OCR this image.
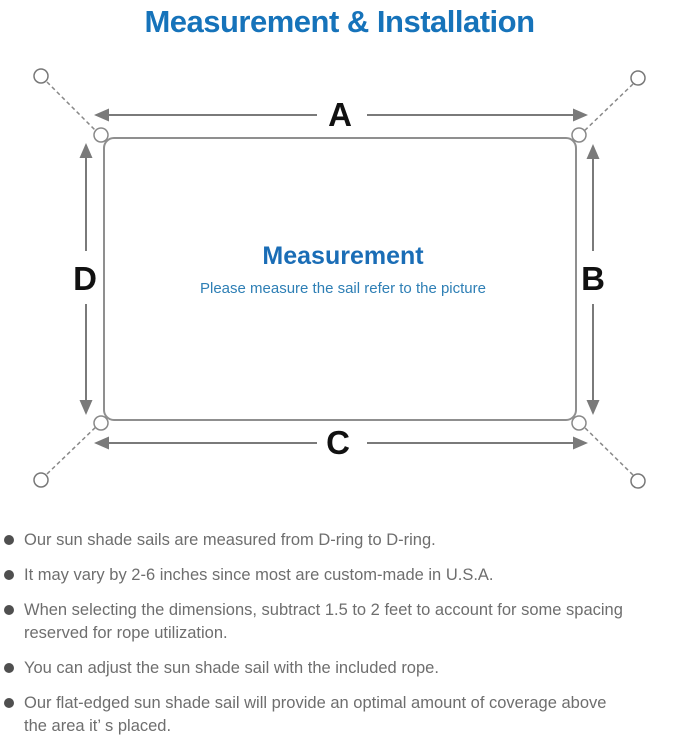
Measurement & Installation
A
C
D	B
Measurement
Please measure the sail refer to the picture
Our sun shade sails are measured from D-ring to D-ring.
It may vary by 2-6 inches since most are custom-made in U.S.A.
When selecting the dimensions, subtract 1.5 to 2 feet to account for some spacing
reserved for rope utilization.
You can adjust the sun shade sail with the included rope.
Our flat-edged sun shade sail will provide an optimal amount of coverage above
the area it’ s placed.
